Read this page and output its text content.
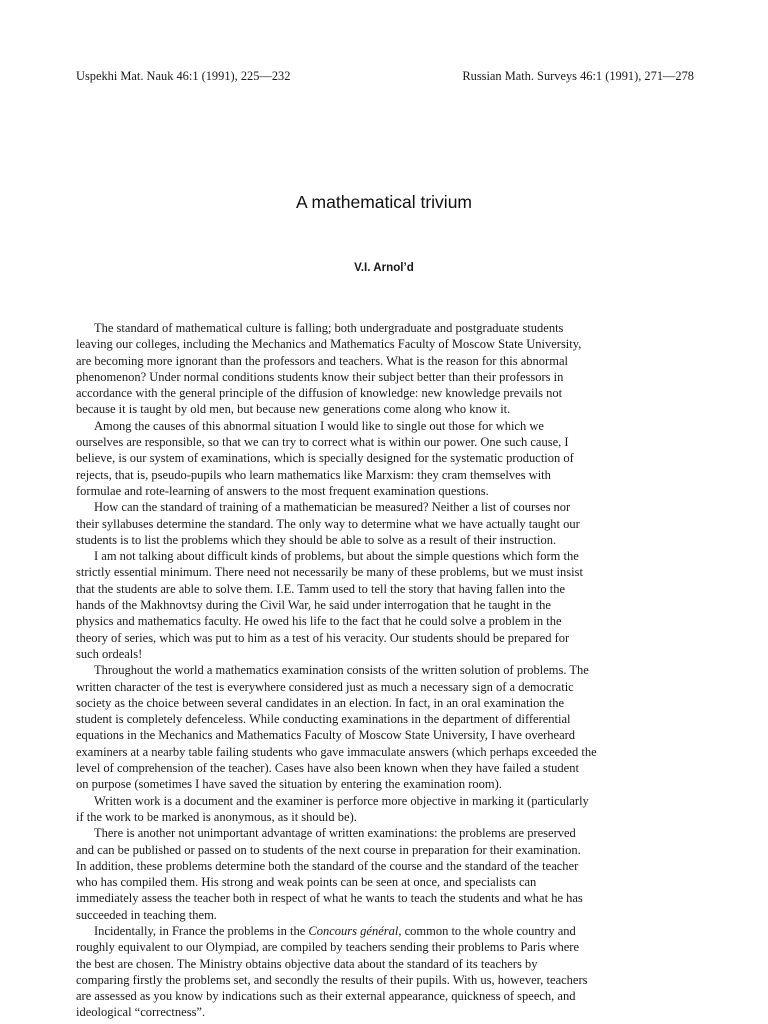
Uspekhi Mat. Nauk 46:1 (1991), 225—232	Russian Math. Surveys 46:1 (1991), 271—278
A mathematical trivium
V.I. Arnol’d
The standard of mathematical culture is falling; both undergraduate and postgraduate students
leaving our colleges, including the Mechanics and Mathematics Faculty of Moscow State University,
are becoming more ignorant than the professors and teachers. What is the reason for this abnormal
phenomenon? Under normal conditions students know their subject better than their professors in
accordance with the general principle of the diffusion of knowledge: new knowledge prevails not
because it is taught by old men, but because new generations come along who know it.
Among the causes of this abnormal situation I would like to single out those for which we
ourselves are responsible, so that we can try to correct what is within our power. One such cause, I
believe, is our system of examinations, which is specially designed for the systematic production of
rejects, that is, pseudo-pupils who learn mathematics like Marxism: they cram themselves with
formulae and rote-learning of answers to the most frequent examination questions.
How can the standard of training of a mathematician be measured? Neither a list of courses nor
their syllabuses determine the standard. The only way to determine what we have actually taught our
students is to list the problems which they should be able to solve as a result of their instruction.
I am not talking about difficult kinds of problems, but about the simple questions which form the
strictly essential minimum. There need not necessarily be many of these problems, but we must insist
that the students are able to solve them. I.E. Tamm used to tell the story that having fallen into the
hands of the Makhnovtsy during the Civil War, he said under interrogation that he taught in the
physics and mathematics faculty. He owed his life to the fact that he could solve a problem in the
theory of series, which was put to him as a test of his veracity. Our students should be prepared for
such ordeals!
Throughout the world a mathematics examination consists of the written solution of problems. The
written character of the test is everywhere considered just as much a necessary sign of a democratic
society as the choice between several candidates in an election. In fact, in an oral examination the
student is completely defenceless. While conducting examinations in the department of differential
equations in the Mechanics and Mathematics Faculty of Moscow State University, I have overheard
examiners at a nearby table failing students who gave immaculate answers (which perhaps exceeded the
level of comprehension of the teacher). Cases have also been known when they have failed a student
on purpose (sometimes I have saved the situation by entering the examination room).
Written work is a document and the examiner is perforce more objective in marking it (particularly
if the work to be marked is anonymous, as it should be).
There is another not unimportant advantage of written examinations: the problems are preserved
and can be published or passed on to students of the next course in preparation for their examination.
In addition, these problems determine both the standard of the course and the standard of the teacher
who has compiled them. His strong and weak points can be seen at once, and specialists can
immediately assess the teacher both in respect of what he wants to teach the students and what he has
succeeded in teaching them.
Incidentally, in France the problems in the Concours général, common to the whole country and
roughly equivalent to our Olympiad, are compiled by teachers sending their problems to Paris where
the best are chosen. The Ministry obtains objective data about the standard of its teachers by
comparing firstly the problems set, and secondly the results of their pupils. With us, however, teachers
are assessed as you know by indications such as their external appearance, quickness of speech, and
ideological “correctness”.
